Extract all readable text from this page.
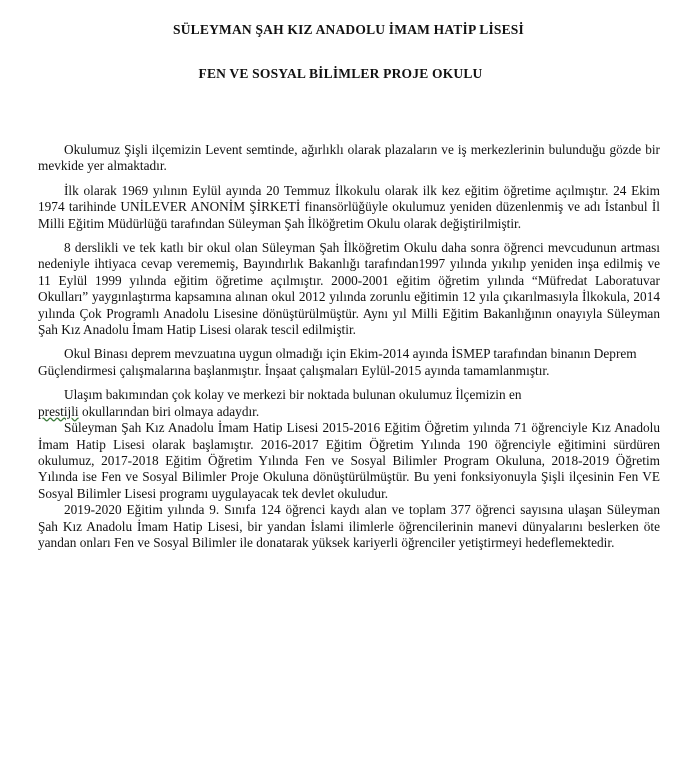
SÜLEYMAN ŞAH KIZ ANADOLU İMAM HATİP LİSESİ
FEN VE SOSYAL BİLİMLER PROJE OKULU

Okulumuz Şişli ilçemizin Levent semtinde, ağırlıklı olarak plazaların ve iş merkezlerinin bulunduğu gözde bir mevkide yer almaktadır.

İlk olarak 1969 yılının Eylül ayında 20 Temmuz İlkokulu olarak ilk kez eğitim öğretime açılmıştır. 24 Ekim 1974 tarihinde UNİLEVER ANONİM ŞİRKETİ finansörlüğüyle okulumuz yeniden düzenlenmiş ve adı İstanbul İl Milli Eğitim Müdürlüğü tarafından Süleyman Şah İlköğretim Okulu olarak değiştirilmiştir.

8 derslikli ve tek katlı bir okul olan Süleyman Şah İlköğretim Okulu daha sonra öğrenci mevcudunun artması nedeniyle ihtiyaca cevap verememiş, Bayındırlık Bakanlığı tarafından1997 yılında yıkılıp yeniden inşa edilmiş ve 11 Eylül 1999 yılında eğitim öğretime açılmıştır. 2000-2001 eğitim öğretim yılında “Müfredat Laboratuvar Okulları” yaygınlaştırma kapsamına alınan okul 2012 yılında zorunlu eğitimin 12 yıla çıkarılmasıyla İlkokula, 2014 yılında Çok Programlı Anadolu Lisesine dönüştürülmüştür. Aynı yıl Milli Eğitim Bakanlığının onayıyla Süleyman Şah Kız Anadolu İmam Hatip Lisesi olarak tescil edilmiştir.

Okul Binası deprem mevzuatına uygun olmadığı için Ekim-2014 ayında İSMEP tarafından binanın Deprem

Güçlendirmesi çalışmalarına başlanmıştır. İnşaat çalışmaları Eylül-2015 ayında tamamlanmıştır.

Ulaşım bakımından çok kolay ve merkezi bir noktada bulunan okulumuz İlçemizin en

prestijli okullarından biri olmaya adaydır.

Süleyman Şah Kız Anadolu İmam Hatip Lisesi 2015-2016 Eğitim Öğretim yılında 71 öğrenciyle Kız Anadolu İmam Hatip Lisesi olarak başlamıştır. 2016-2017 Eğitim Öğretim Yılında 190 öğrenciyle eğitimini sürdüren okulumuz, 2017-2018 Eğitim Öğretim Yılında Fen ve Sosyal Bilimler Program Okuluna, 2018-2019 Öğretim Yılında ise Fen ve Sosyal Bilimler Proje Okuluna dönüştürülmüştür. Bu yeni fonksiyonuyla Şişli ilçesinin Fen VE Sosyal Bilimler Lisesi programı uygulayacak tek devlet okuludur.

2019-2020 Eğitim yılında 9. Sınıfa 124 öğrenci kaydı alan ve toplam 377 öğrenci sayısına ulaşan Süleyman Şah Kız Anadolu İmam Hatip Lisesi, bir yandan İslami ilimlerle öğrencilerinin manevi dünyalarını beslerken öte yandan onları Fen ve Sosyal Bilimler ile donatarak yüksek kariyerli öğrenciler yetiştirmeyi hedeflemektedir.
